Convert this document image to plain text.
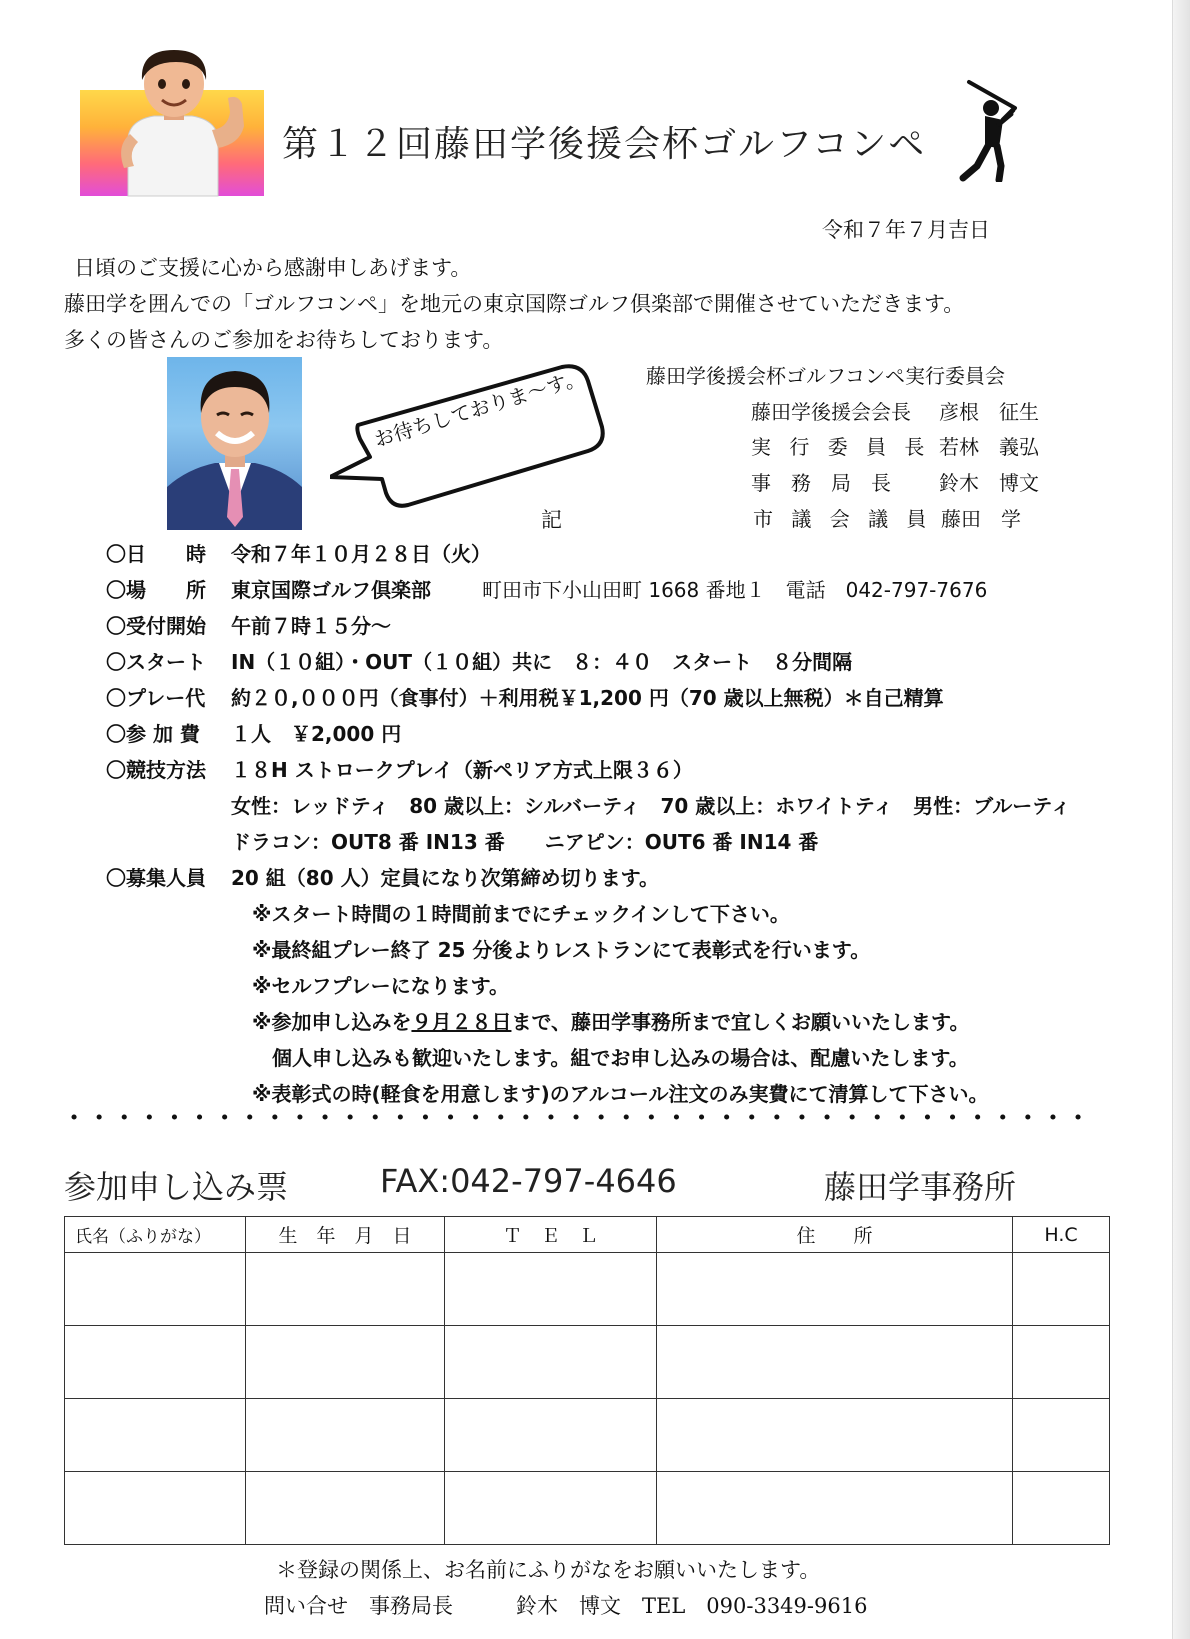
第１２回藤田学後援会杯ゴルフコンペ
令和７年７月吉日
日頃のご支援に心から感謝申しあげます。
藤田学を囲んでの「ゴルフコンペ」を地元の東京国際ゴルフ倶楽部で開催させていただきます。
多くの皆さんのご参加をお待ちしております。
お待ちしておりま〜す。	藤田学後援会杯ゴルフコンペ実行委員会
藤田学後援会会長 彦根　征生
実 行 委 員 長 若林　義弘
事　務　局　長 鈴木　博文
市 議 会 議 員 藤田　学
記
〇日　　時 令和７年１０月２８日（火）
〇場　　所 東京国際ゴルフ倶楽部	町田市下小山田町 1668 番地１　電話　042-797-7676
〇受付開始 午前７時１５分〜
〇スタート IN（１０組）・OUT（１０組）共に　８：４０　スタート　８分間隔
〇プレー代 約２０,０００円（食事付）＋利用税￥1,200 円（70 歳以上無税）＊自己精算
〇参 加 費 １人　￥2,000 円
〇競技方法 １８H ストロークプレイ（新ペリア方式上限３６）
女性：レッドティ　80 歳以上：シルバーティ　70 歳以上：ホワイトティ　男性：ブルーティ
ドラコン：OUT8 番 IN13 番　　ニアピン：OUT6 番 IN14 番
〇募集人員 20 組（80 人）定員になり次第締め切ります。
※スタート時間の１時間前までにチェックインして下さい。
※最終組プレー終了 25 分後よりレストランにて表彰式を行います。
※セルフプレーになります。
※参加申し込みを９月２８日まで、藤田学事務所まで宜しくお願いいたします。
個人申し込みも歓迎いたします。組でお申し込みの場合は、配慮いたします。
※表彰式の時(軽食を用意します)のアルコール注文のみ実費にて清算して下さい。
参加申し込み票	FAX:042-797-4646	藤田学事務所
氏名（ふりがな）	生　年　月　日	Ｔ　Ｅ　Ｌ	住　　所	H.C

＊登録の関係上、お名前にふりがなをお願いいたします。
問い合せ　事務局長　　　鈴木　博文　TEL　090-3349-9616
